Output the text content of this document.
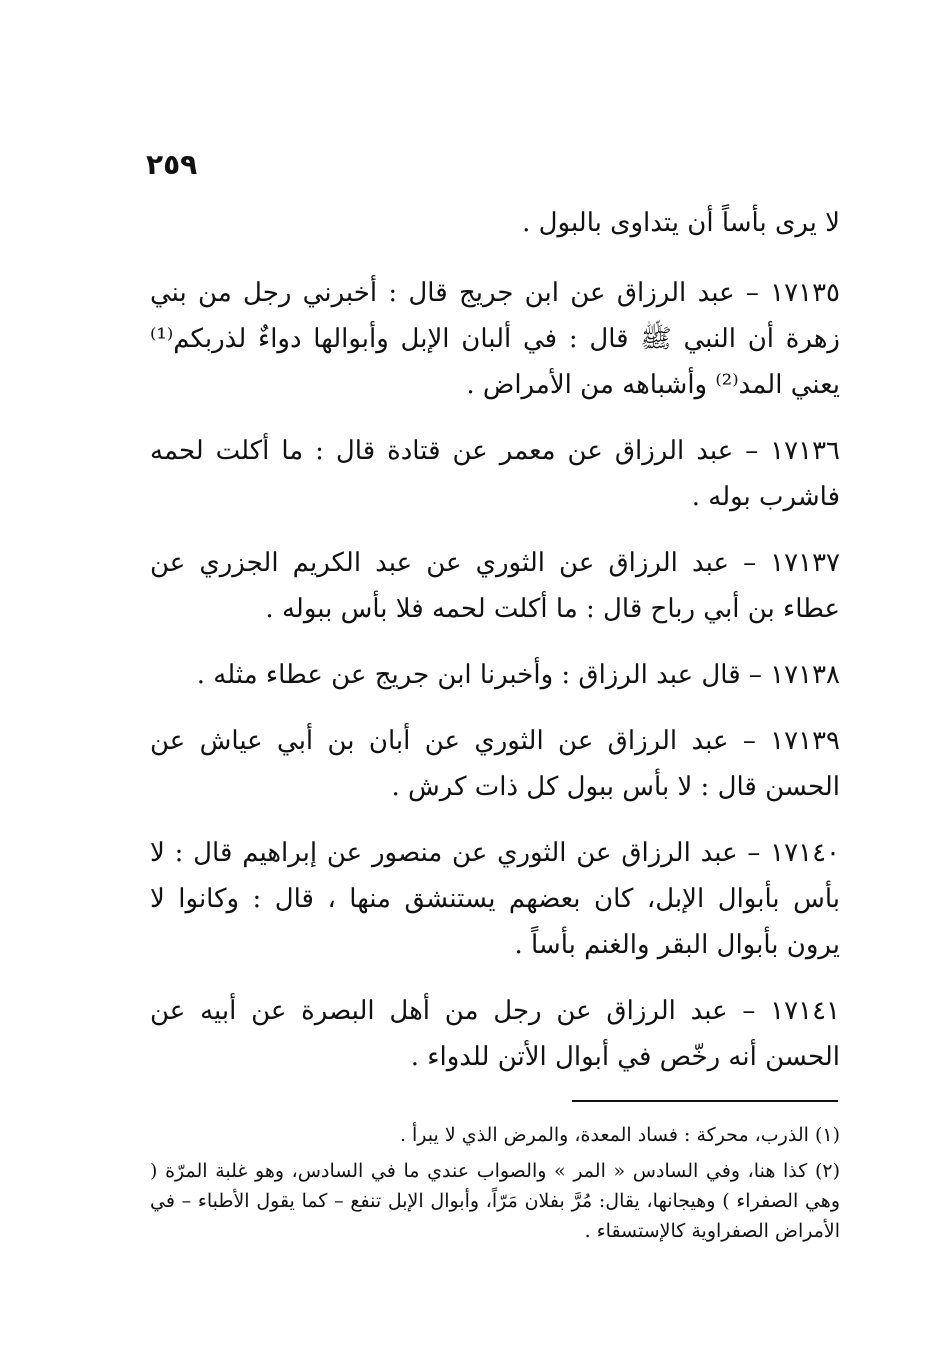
٢٥٩

لا يرى بأساً أن يتداوى بالبول .

١٧١٣٥ – عبد الرزاق عن ابن جريج قال : أخبرني رجل من بني زهرة أن النبي ﷺ قال : في ألبان الإبل وأبوالها دواءٌ لذربكم⁽¹⁾ يعني المد⁽²⁾ وأشباهه من الأمراض .

١٧١٣٦ – عبد الرزاق عن معمر عن قتادة قال : ما أكلت لحمه فاشرب بوله .

١٧١٣٧ – عبد الرزاق عن الثوري عن عبد الكريم الجزري عن عطاء بن أبي رباح قال : ما أكلت لحمه فلا بأس ببوله .

١٧١٣٨ – قال عبد الرزاق : وأخبرنا ابن جريج عن عطاء مثله .

١٧١٣٩ – عبد الرزاق عن الثوري عن أبان بن أبي عياش عن الحسن قال : لا بأس ببول كل ذات كرش .

١٧١٤٠ – عبد الرزاق عن الثوري عن منصور عن إبراهيم قال : لا بأس بأبوال الإبل، كان بعضهم يستنشق منها ، قال : وكانوا لا يرون بأبوال البقر والغنم بأساً .

١٧١٤١ – عبد الرزاق عن رجل من أهل البصرة عن أبيه عن الحسن أنه رخّص في أبوال الأتن للدواء .

(١) الذرب، محركة : فساد المعدة، والمرض الذي لا يبرأ .

(٢) كذا هنا، وفي السادس « المر » والصواب عندي ما في السادس، وهو غلبة المرّة ( وهي الصفراء ) وهيجانها، يقال: مُرَّ بفلان مَرّاً، وأبوال الإبل تنفع – كما يقول الأطباء – في الأمراض الصفراوية كالإستسقاء .
